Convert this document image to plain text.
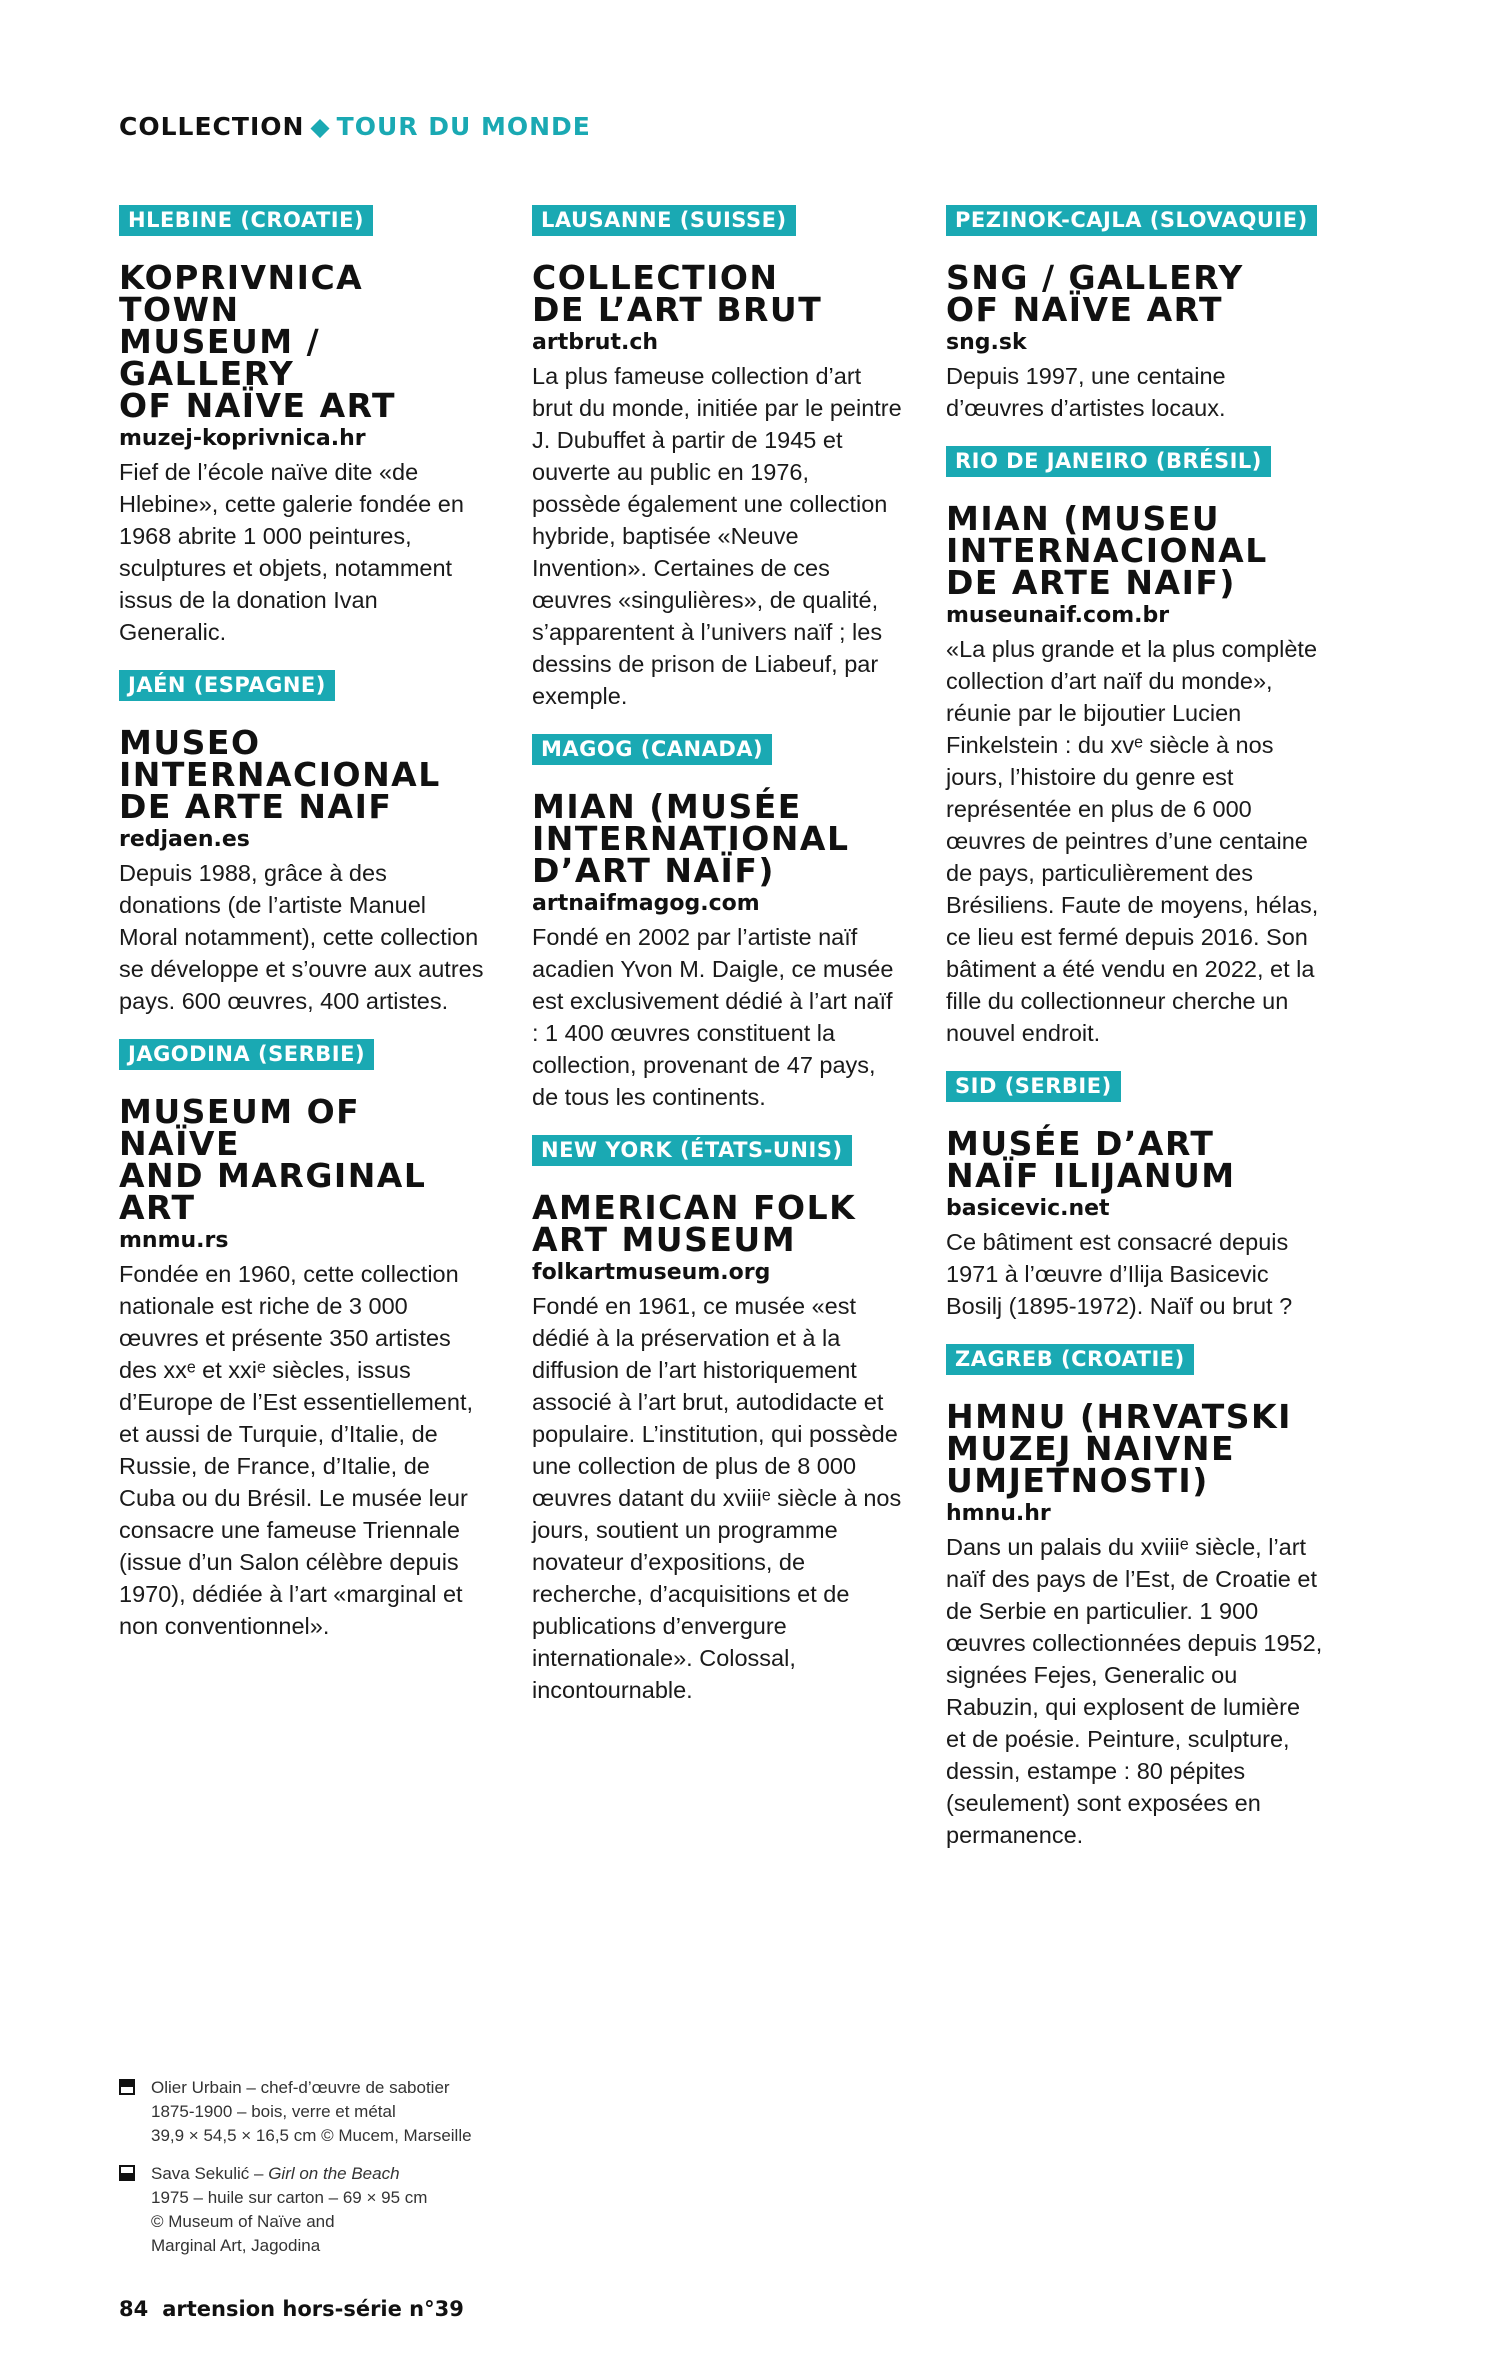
COLLECTION ◆ TOUR DU MONDE
HLEBINE (CROATIE)
KOPRIVNICA TOWN
MUSEUM / GALLERY
OF NAÏVE ART
muzej-koprivnica.hr
Fief de l’école naïve dite «de Hlebine», cette galerie fondée en 1968 abrite 1 000 peintures, sculptures et objets, notamment issus de la donation Ivan Generalic.
JAÉN (ESPAGNE)
MUSEO
INTERNACIONAL
DE ARTE NAIF
redjaen.es
Depuis 1988, grâce à des donations (de l’artiste Manuel Moral notamment), cette collection se développe et s’ouvre aux autres pays. 600 œuvres, 400 artistes.
JAGODINA (SERBIE)
MUSEUM OF NAÏVE
AND MARGINAL ART
mnmu.rs
Fondée en 1960, cette collection nationale est riche de 3 000 œuvres et présente 350 artistes des xxᵉ et xxiᵉ siècles, issus d’Europe de l’Est essentiellement, et aussi de Turquie, d’Italie, de Russie, de France, d’Italie, de Cuba ou du Brésil. Le musée leur consacre une fameuse Triennale (issue d’un Salon célèbre depuis 1970), dédiée à l’art «marginal et non conventionnel».
LAUSANNE (SUISSE)
COLLECTION
DE L’ART BRUT
artbrut.ch
La plus fameuse collection d’art brut du monde, initiée par le peintre J. Dubuffet à partir de 1945 et ouverte au public en 1976, possède également une collection hybride, baptisée «Neuve Invention». Certaines de ces œuvres «singulières», de qualité, s’apparentent à l’univers naïf ; les dessins de prison de Liabeuf, par exemple.
MAGOG (CANADA)
MIAN (MUSÉE
INTERNATIONAL
D’ART NAÏF)
artnaifmagog.com
Fondé en 2002 par l’artiste naïf acadien Yvon M. Daigle, ce musée est exclusivement dédié à l’art naïf : 1 400 œuvres constituent la collection, provenant de 47 pays, de tous les continents.
NEW YORK (ÉTATS-UNIS)
AMERICAN FOLK
ART MUSEUM
folkartmuseum.org
Fondé en 1961, ce musée «est dédié à la préservation et à la diffusion de l’art historiquement associé à l’art brut, autodidacte et populaire. L’institution, qui possède une collection de plus de 8 000 œuvres datant du xviiiᵉ siècle à nos jours, soutient un programme novateur d’expositions, de recherche, d’acquisitions et de publications d’envergure internationale». Colossal, incontournable.
PEZINOK-CAJLA (SLOVAQUIE)
SNG / GALLERY
OF NAÏVE ART
sng.sk
Depuis 1997, une centaine d’œuvres d’artistes locaux.
RIO DE JANEIRO (BRÉSIL)
MIAN (MUSEU
INTERNACIONAL
DE ARTE NAIF)
museunaif.com.br
«La plus grande et la plus complète collection d’art naïf du monde», réunie par le bijoutier Lucien Finkelstein : du xvᵉ siècle à nos jours, l’histoire du genre est représentée en plus de 6 000 œuvres de peintres d’une centaine de pays, particulièrement des Brésiliens. Faute de moyens, hélas, ce lieu est fermé depuis 2016. Son bâtiment a été vendu en 2022, et la fille du collectionneur cherche un nouvel endroit.
SID (SERBIE)
MUSÉE D’ART
NAÏF ILIJANUM
basicevic.net
Ce bâtiment est consacré depuis 1971 à l’œuvre d’Ilija Basicevic Bosilj (1895-1972). Naïf ou brut ?
ZAGREB (CROATIE)
HMNU (HRVATSKI
MUZEJ NAIVNE
UMJETNOSTI)
hmnu.hr
Dans un palais du xviiiᵉ siècle, l’art naïf des pays de l’Est, de Croatie et de Serbie en particulier. 1 900 œuvres collectionnées depuis 1952, signées Fejes, Generalic ou Rabuzin, qui explosent de lumière et de poésie. Peinture, sculpture, dessin, estampe : 80 pépites (seulement) sont exposées en permanence.
Olier Urbain – chef-d’œuvre de sabotier
1875-1900 – bois, verre et métal
39,9 × 54,5 × 16,5 cm © Mucem, Marseille
Sava Sekulić – Girl on the Beach
1975 – huile sur carton – 69 × 95 cm
© Museum of Naïve and
Marginal Art, Jagodina
84 artension hors-série n°39
